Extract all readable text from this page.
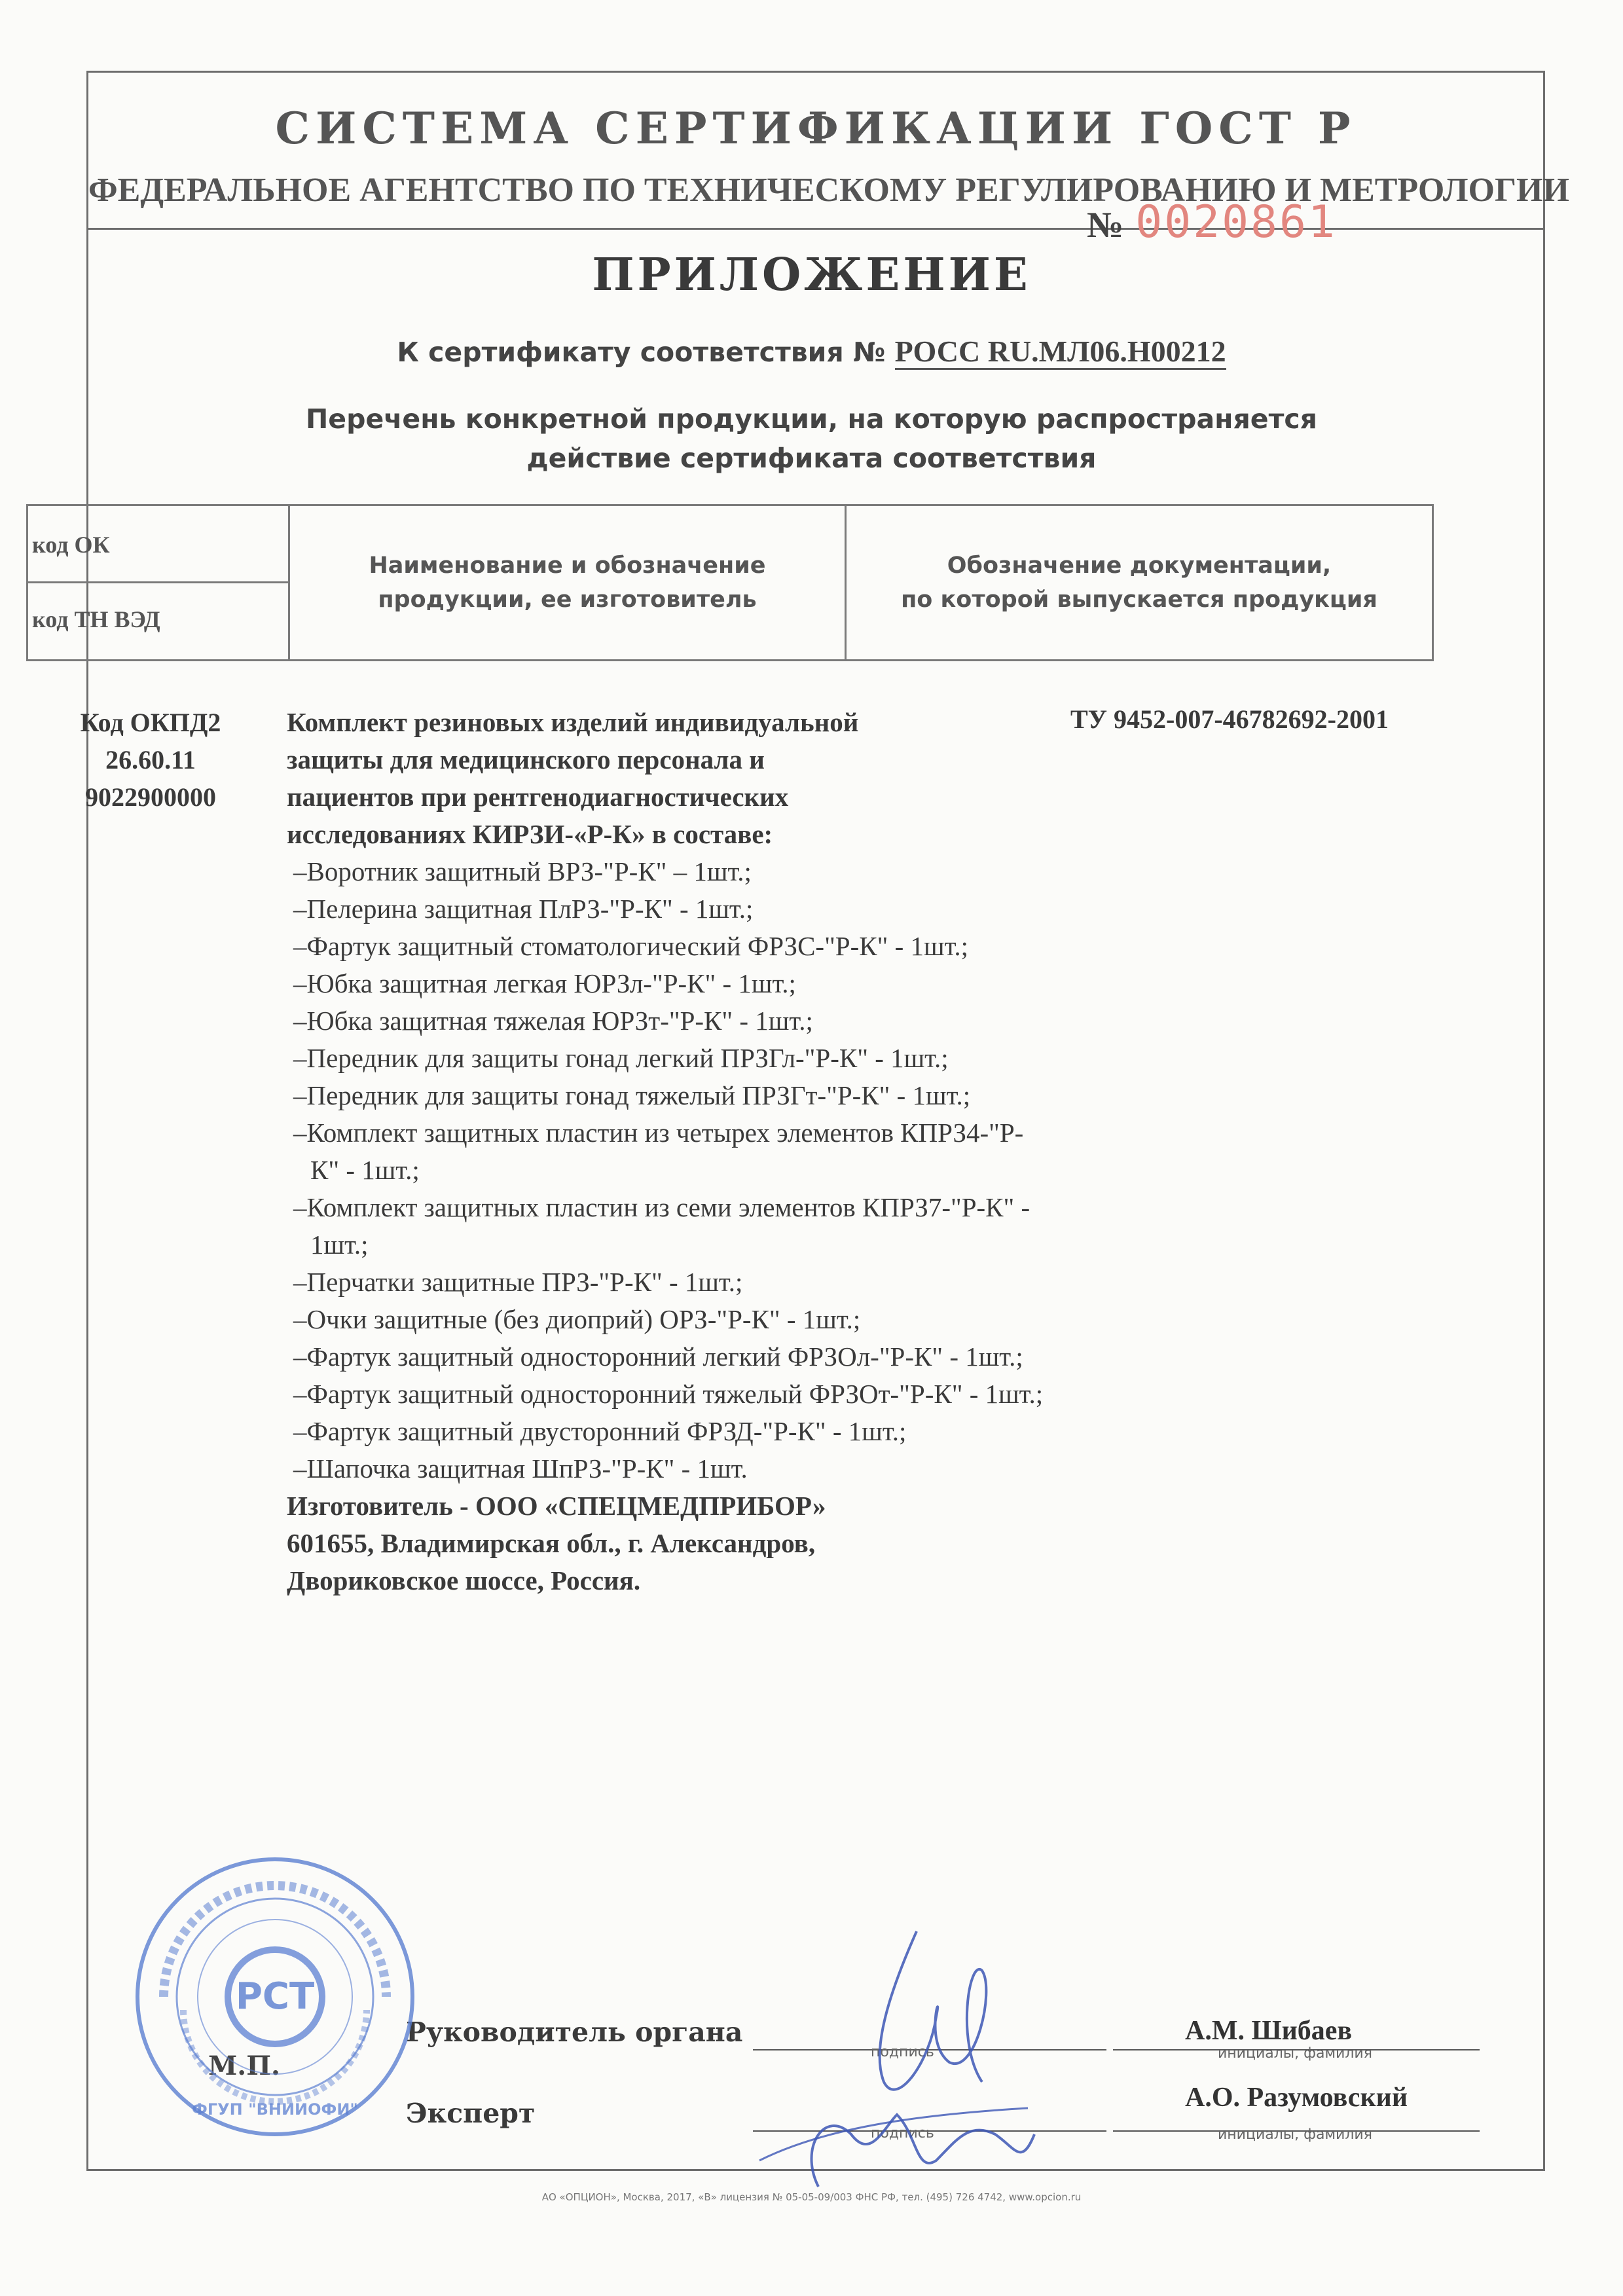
СИСТЕМА СЕРТИФИКАЦИИ ГОСТ Р
ФЕДЕРАЛЬНОЕ АГЕНТСТВО ПО ТЕХНИЧЕСКОМУ РЕГУЛИРОВАНИЮ И МЕТРОЛОГИИ
№ 0020861
ПРИЛОЖЕНИЕ
К сертификату соответствия № РОСС RU.МЛ06.Н00212
Перечень конкретной продукции, на которую распространяется
действие сертификата соответствия
код ОК
код ТН ВЭД
Наименование и обозначение
продукции, ее изготовитель
Обозначение документации,
по которой выпускается продукция
Код ОКПД2
26.60.11
9022900000
Комплект резиновых изделий индивидуальной
защиты для медицинского персонала и
пациентов при рентгенодиагностических
исследованиях КИРЗИ-«Р-К» в составе:

–Воротник защитный ВРЗ-"Р-К" – 1шт.;

–Пелерина защитная ПлРЗ-"Р-К" - 1шт.;

–Фартук защитный стоматологический ФРЗС-"Р-К" - 1шт.;

–Юбка защитная легкая ЮРЗл-"Р-К" - 1шт.;

–Юбка защитная тяжелая ЮРЗт-"Р-К" - 1шт.;

–Передник для защиты гонад легкий ПРЗГл-"Р-К" - 1шт.;

–Передник для защиты гонад тяжелый ПРЗГт-"Р-К" - 1шт.;

–Комплект защитных пластин из четырех элементов КПРЗ4-"Р-К" - 1шт.;

–Комплект защитных пластин из семи элементов КПРЗ7-"Р-К" - 1шт.;

–Перчатки защитные ПРЗ-"Р-К" - 1шт.;

–Очки защитные (без диоприй) ОРЗ-"Р-К" - 1шт.;

–Фартук защитный односторонний легкий ФРЗОл-"Р-К" - 1шт.;

–Фартук защитный односторонний тяжелый ФРЗОт-"Р-К" - 1шт.;

–Фартук защитный двусторонний ФРЗД-"Р-К" - 1шт.;

–Шапочка защитная ШпРЗ-"Р-К" - 1шт.

Изготовитель - ООО «СПЕЦМЕДПРИБОР»
601655, Владимирская обл., г. Александров,
Двориковское шоссе, Россия.
ТУ 9452-007-46782692-2001
Руководитель органа
подпись
А.М. Шибаев
инициалы, фамилия
Эксперт
подпись
А.О. Разумовский
инициалы, фамилия
М.П.
РСТ
ФГУП "ВНИИОФИ"
АО «ОПЦИОН», Москва, 2017, «В» лицензия № 05-05-09/003 ФНС РФ, тел. (495) 726 4742, www.opcion.ru
